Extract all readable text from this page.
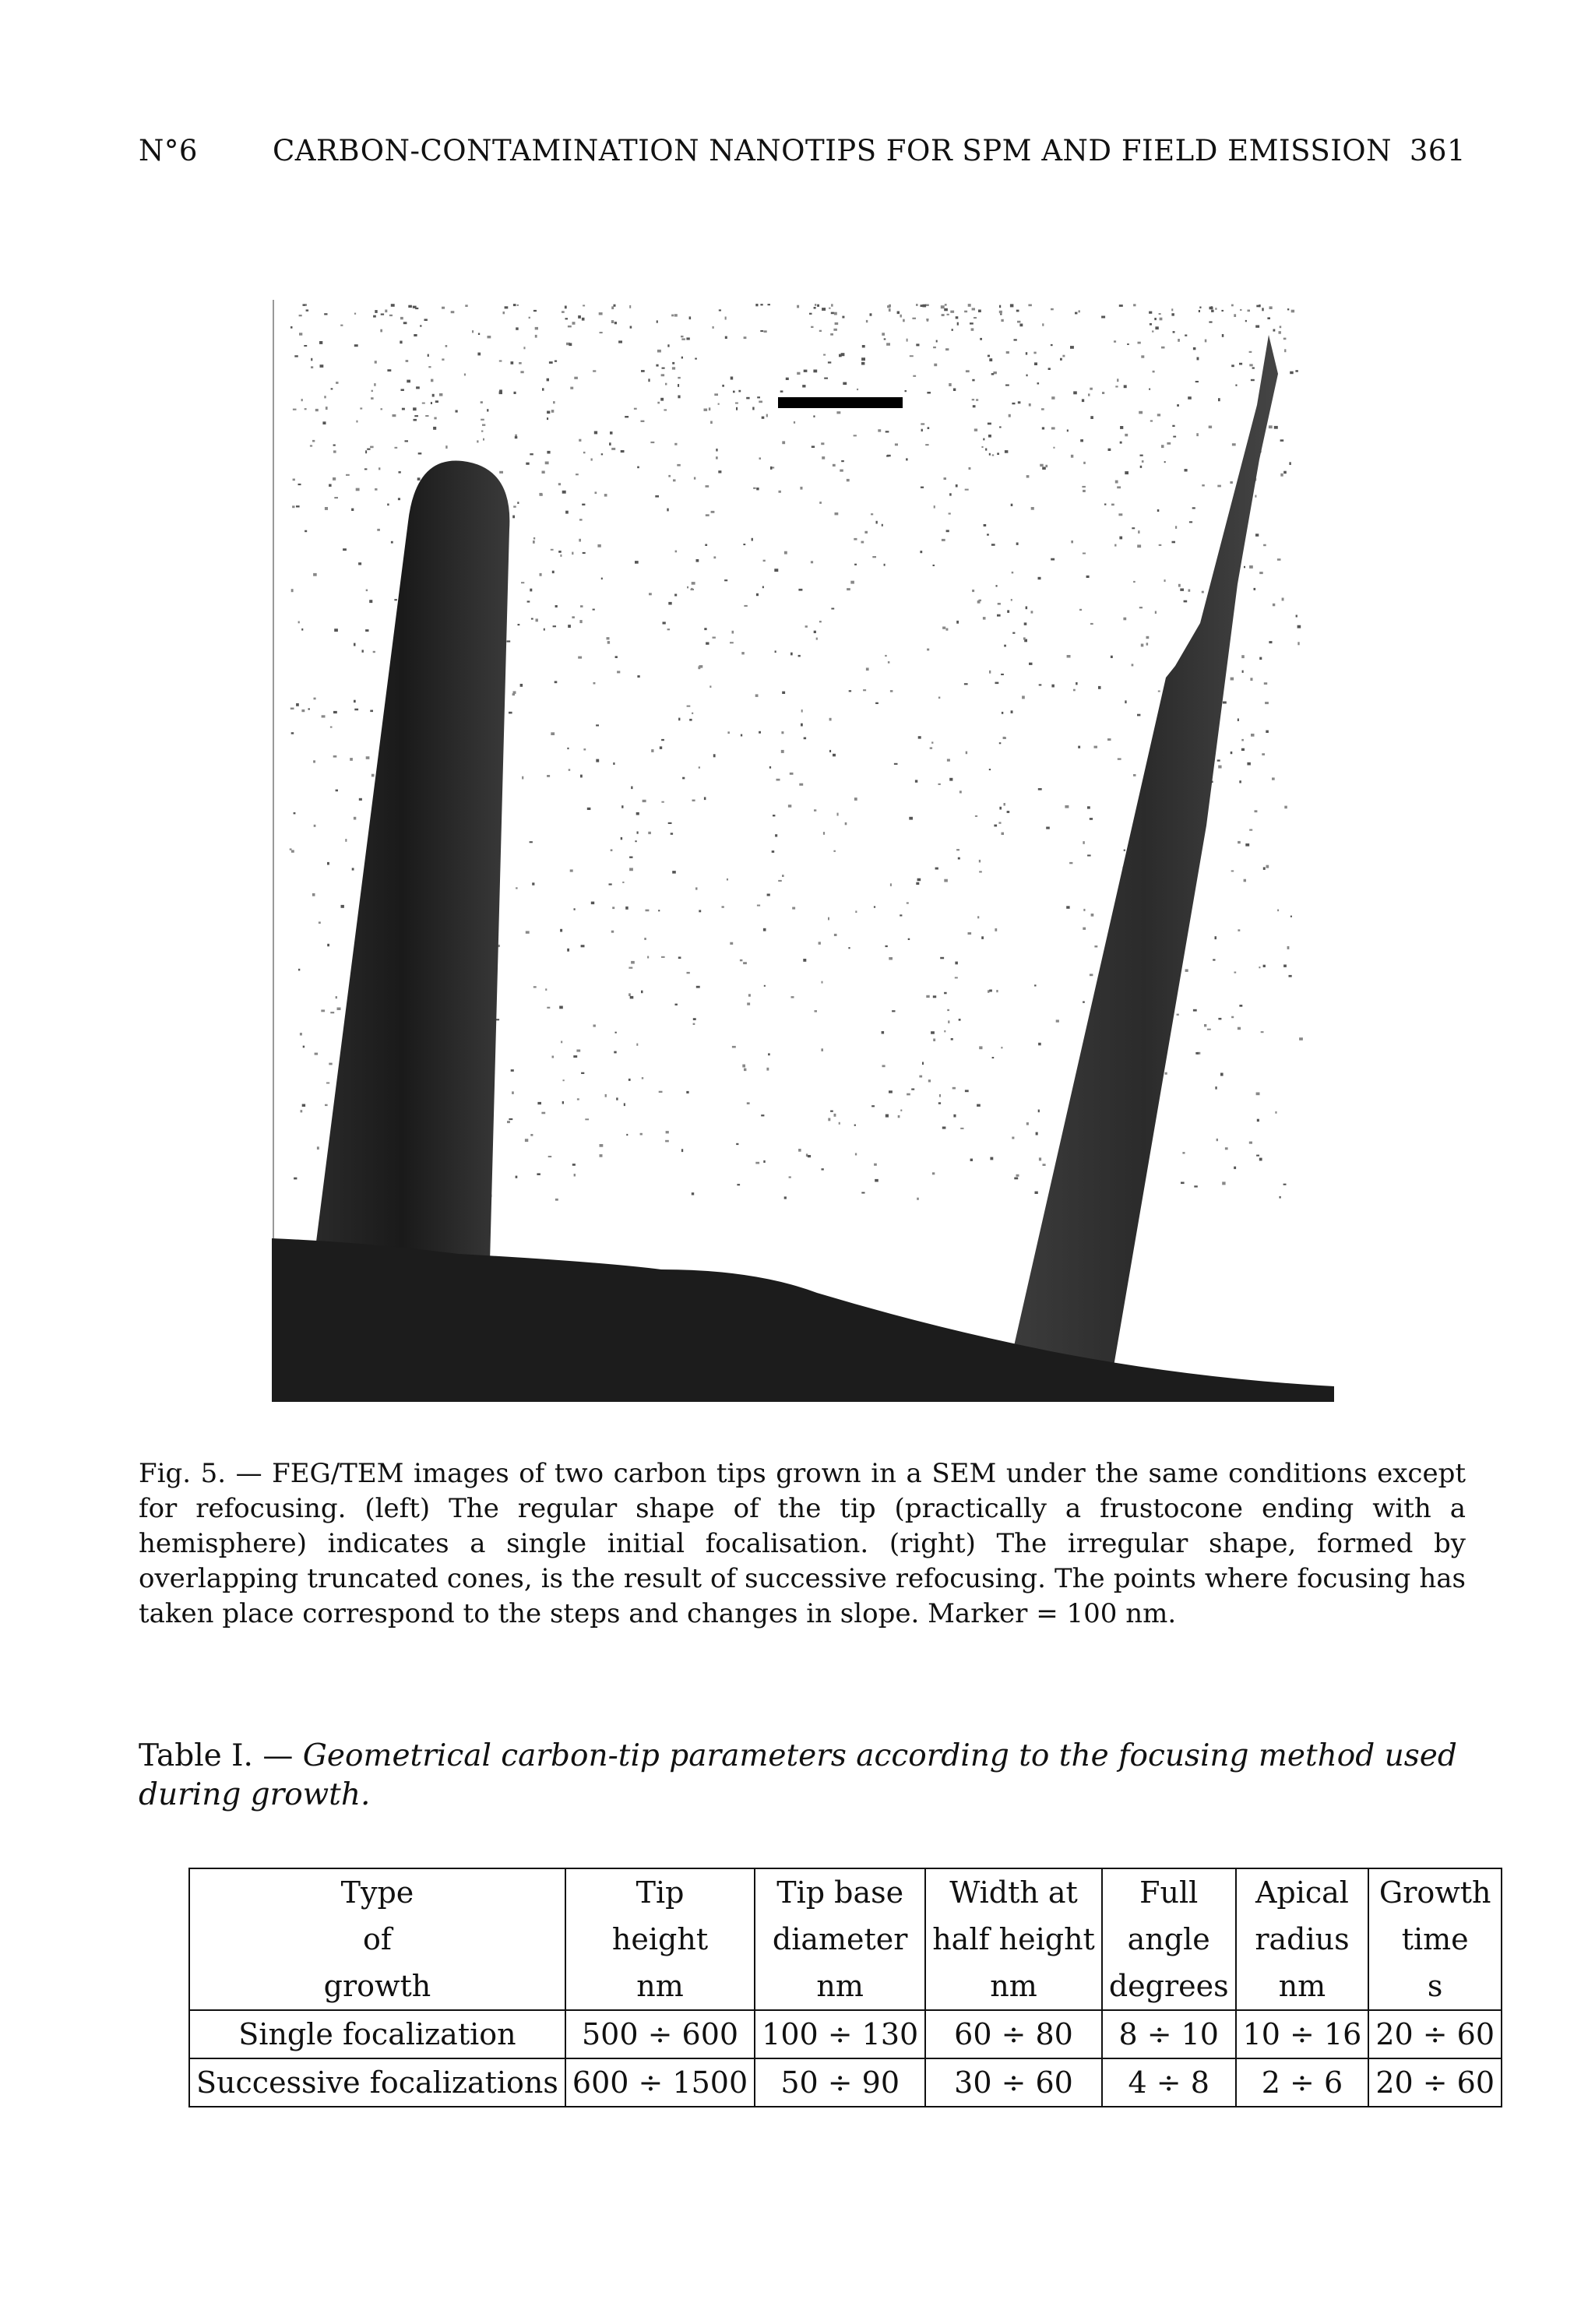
N°6	CARBON-CONTAMINATION NANOTIPS FOR SPM AND FIELD EMISSION 361
Fig. 5. — FEG/TEM images of two carbon tips grown in a SEM under the same conditions except for refocusing. (left) The regular shape of the tip (practically a frustocone ending with a hemisphere) indicates a single initial focalisation. (right) The irregular shape, formed by overlapping truncated cones, is the result of successive refocusing. The points where focusing has taken place correspond to the steps and changes in slope. Marker = 100 nm.
Table I. — Geometrical carbon-tip parameters according to the focusing method used during growth.
Type	Tip	Tip base	Width at	Full	Apical	Growth
of	height	diameter	half height	angle	radius	time
growth	nm	nm	nm	degrees	nm	s
Single focalization	500 ÷ 600	100 ÷ 130	60 ÷ 80	8 ÷ 10	10 ÷ 16	20 ÷ 60
Successive focalizations	600 ÷ 1500	50 ÷ 90	30 ÷ 60	4 ÷ 8	2 ÷ 6	20 ÷ 60
